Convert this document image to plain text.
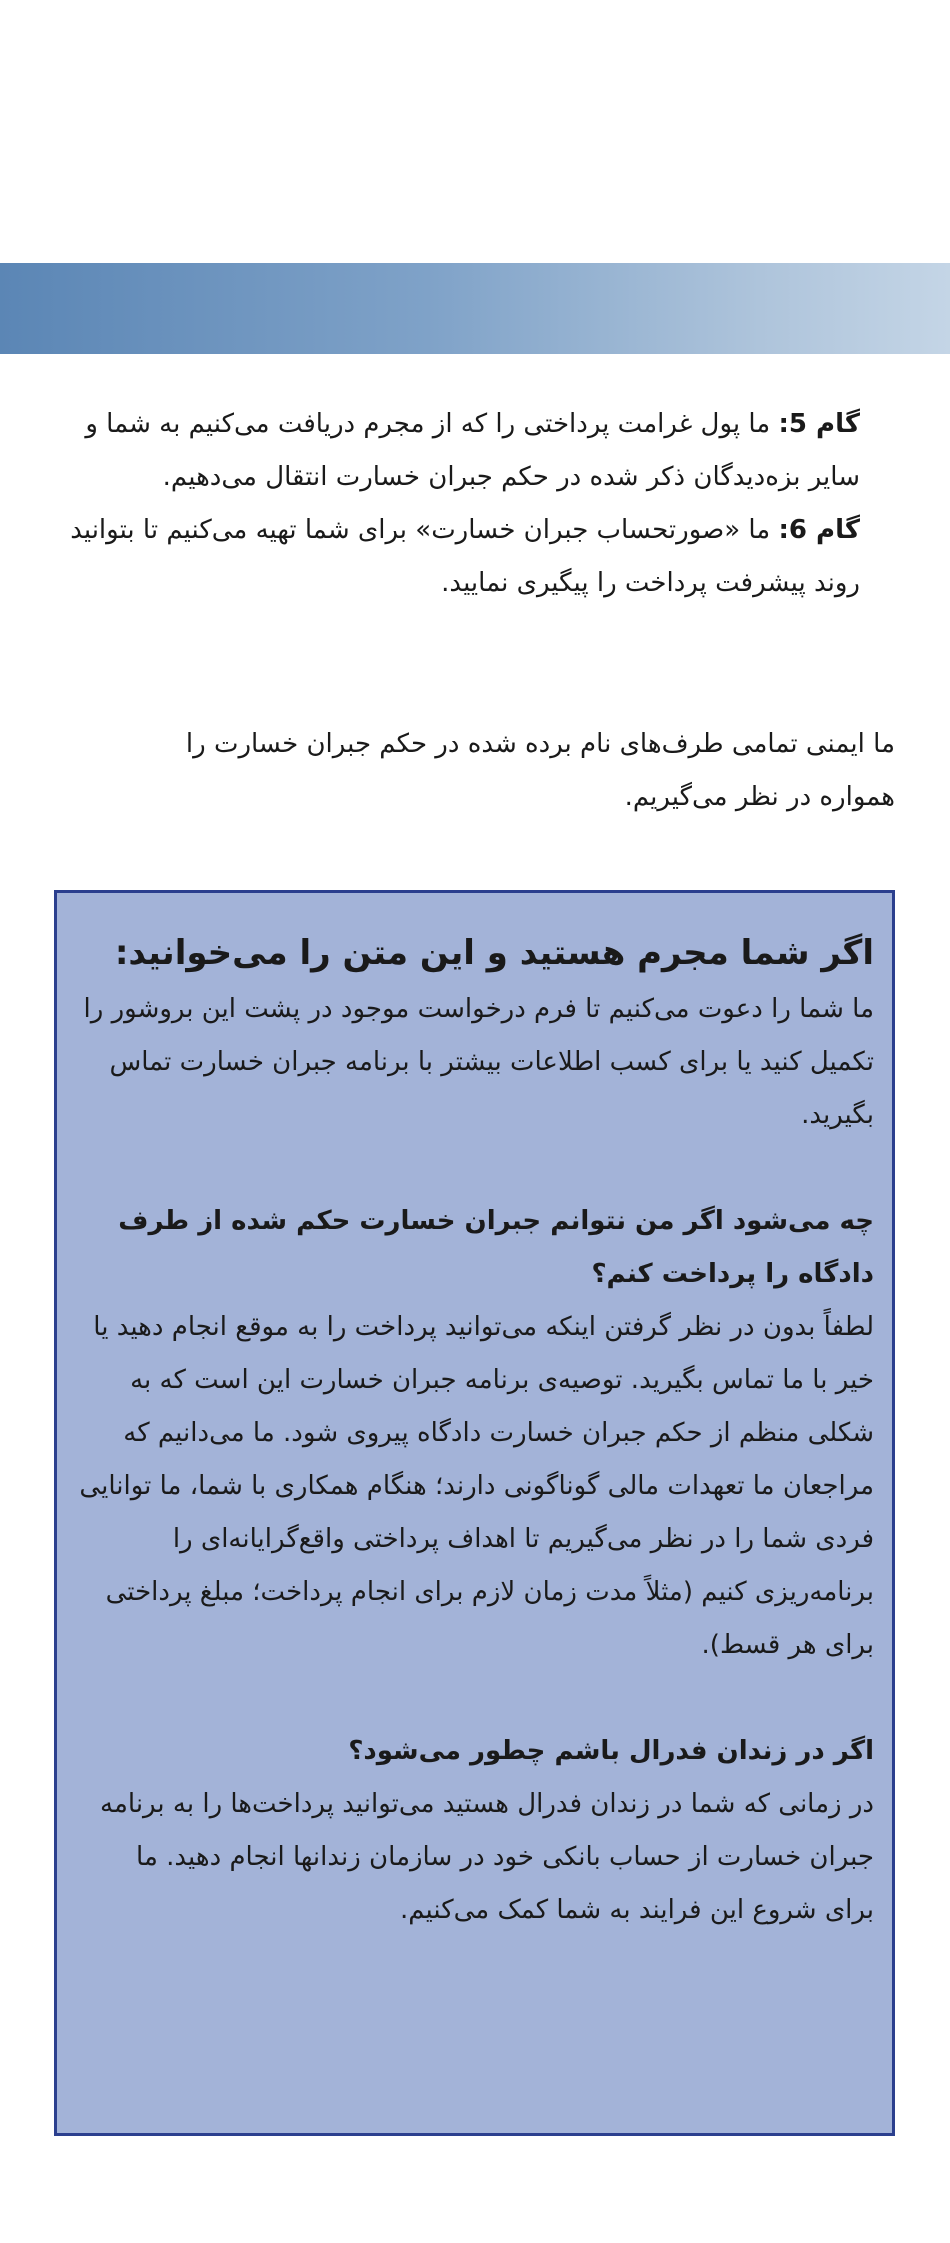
گام 5: ما پول غرامت پرداختی را که از مجرم دریافت می‌کنیم به شما و سایر بزه‌دیدگان ذکر شده در حکم جبران خسارت انتقال می‌دهیم.

گام 6: ما «صورتحساب جبران خسارت» برای شما تهیه می‌کنیم تا بتوانید روند پیشرفت پرداخت را پیگیری نمایید.

ما ایمنی تمامی طرف‌های نام برده شده در حکم جبران خسارت را همواره در نظر می‌گیریم.

اگر شما مجرم هستید و این متن را می‌خوانید:

ما شما را دعوت می‌کنیم تا فرم درخواست موجود در پشت این بروشور را تکمیل کنید یا برای کسب اطلاعات بیشتر با برنامه جبران خسارت تماس بگیرید.

چه می‌شود اگر من نتوانم جبران خسارت حکم شده از طرف دادگاه را پرداخت کنم؟

لطفاً بدون در نظر گرفتن اینکه می‌توانید پرداخت را به موقع انجام دهید یا خیر با ما تماس بگیرید. توصیه‌ی برنامه جبران خسارت این است که به شکلی منظم از حکم جبران خسارت دادگاه پیروی شود. ما می‌دانیم که مراجعان ما تعهدات مالی گوناگونی دارند؛ هنگام همکاری با شما، ما توانایی فردی شما را در نظر می‌گیریم تا اهداف پرداختی واقع‌گرایانه‌ای را برنامه‌ریزی کنیم (مثلاً مدت زمان لازم برای انجام پرداخت؛ مبلغ پرداختی برای هر قسط).

اگر در زندان فدرال باشم چطور می‌شود؟

در زمانی که شما در زندان فدرال هستید می‌توانید پرداخت‌ها را به برنامه جبران خسارت از حساب بانکی خود در سازمان زندانها انجام دهید. ما برای شروع این فرایند به شما کمک می‌کنیم.
